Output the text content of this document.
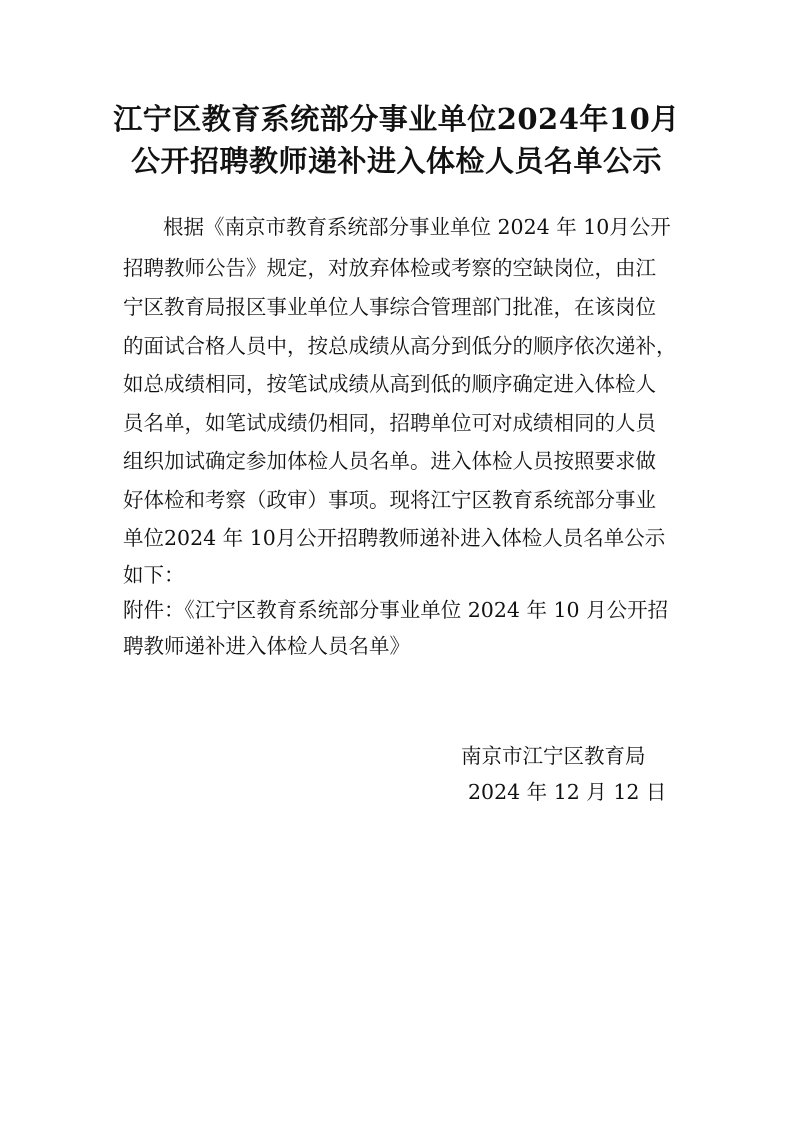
江宁区教育系统部分事业单位2024年10月
公开招聘教师递补进入体检人员名单公示
根据《南京市教育系统部分事业单位 2024 年 10月公开
招聘教师公告》规定，对放弃体检或考察的空缺岗位，由江
宁区教育局报区事业单位人事综合管理部门批准，在该岗位
的面试合格人员中，按总成绩从高分到低分的顺序依次递补，
如总成绩相同，按笔试成绩从高到低的顺序确定进入体检人
员名单，如笔试成绩仍相同，招聘单位可对成绩相同的人员
组织加试确定参加体检人员名单。进入体检人员按照要求做
好体检和考察（政审）事项。现将江宁区教育系统部分事业
单位2024 年 10月公开招聘教师递补进入体检人员名单公示
如下：
附件：《江宁区教育系统部分事业单位 2024 年 10 月公开招
聘教师递补进入体检人员名单》
南京市江宁区教育局
2024 年 12 月 12 日
